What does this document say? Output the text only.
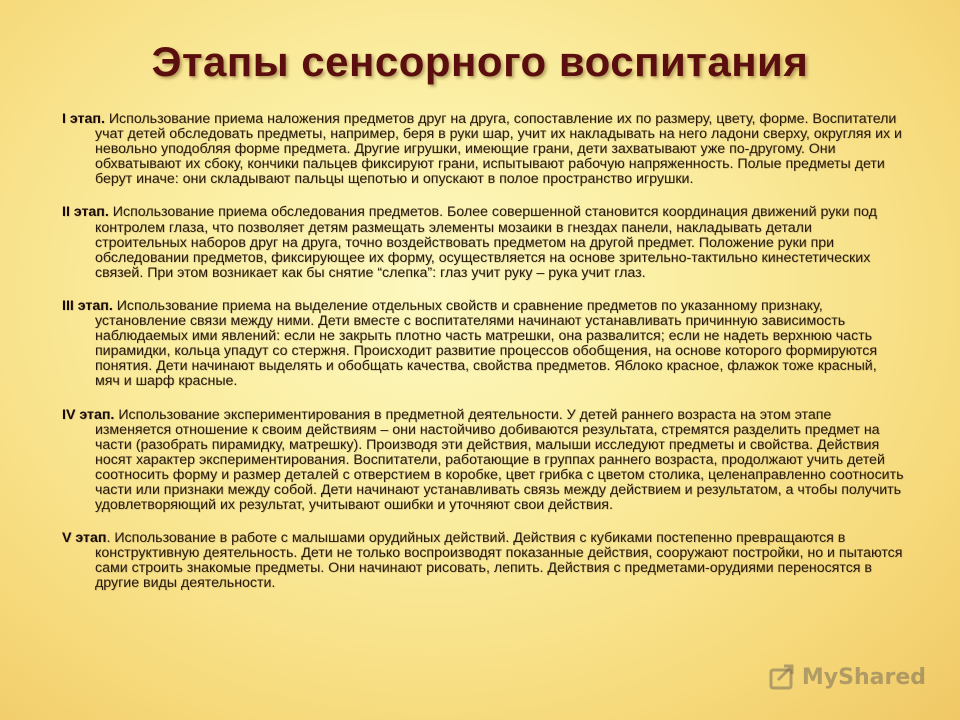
Этапы сенсорного воспитания

I этап. Использование приема наложения предметов друг на друга, сопоставление их по размеру, цвету, форме. Воспитатели учат детей обследовать предметы, например, беря в руки шар, учит их накладывать на него ладони сверху, округляя их и невольно уподобляя форме предмета. Другие игрушки, имеющие грани, дети захватывают уже по-другому. Они обхватывают их сбоку, кончики пальцев фиксируют грани, испытывают рабочую напряженность. Полые предметы дети берут иначе: они складывают пальцы щепотью и опускают в полое пространство игрушки.

II этап. Использование приема обследования предметов. Более совершенной становится координация движений руки под контролем глаза, что позволяет детям размещать элементы мозаики в гнездах панели, накладывать детали строительных наборов друг на друга, точно воздействовать предметом на другой предмет. Положение руки при обследовании предметов, фиксирующее их форму, осуществляется на основе зрительно-тактильно кинестетических связей. При этом возникает как бы снятие “слепка”: глаз учит руку – рука учит глаз.

III этап. Использование приема на выделение отдельных свойств и сравнение предметов по указанному признаку, установление связи между ними. Дети вместе с воспитателями начинают устанавливать причинную зависимость наблюдаемых ими явлений: если не закрыть плотно часть матрешки, она развалится; если не надеть верхнюю часть пирамидки, кольца упадут со стержня. Происходит развитие процессов обобщения, на основе которого формируются понятия. Дети начинают выделять и обобщать качества, свойства предметов. Яблоко красное, флажок тоже красный, мяч и шарф красные.

IV этап. Использование экспериментирования в предметной деятельности. У детей раннего возраста на этом этапе изменяется отношение к своим действиям – они настойчиво добиваются результата, стремятся разделить предмет на части (разобрать пирамидку, матрешку). Производя эти действия, малыши исследуют предметы и свойства. Действия носят характер экспериментирования. Воспитатели, работающие в группах раннего возраста, продолжают учить детей соотносить форму и размер деталей с отверстием в коробке, цвет грибка с цветом столика, целенаправленно соотносить части или признаки между собой. Дети начинают устанавливать связь между действием и результатом, а чтобы получить удовлетворяющий их результат, учитывают ошибки и уточняют свои действия.

V этап. Использование в работе с малышами орудийных действий. Действия с кубиками постепенно превращаются в конструктивную деятельность. Дети не только воспроизводят показанные действия, сооружают постройки, но и пытаются сами строить знакомые предметы. Они начинают рисовать, лепить. Действия с предметами-орудиями переносятся в другие виды деятельности.

MyShared
